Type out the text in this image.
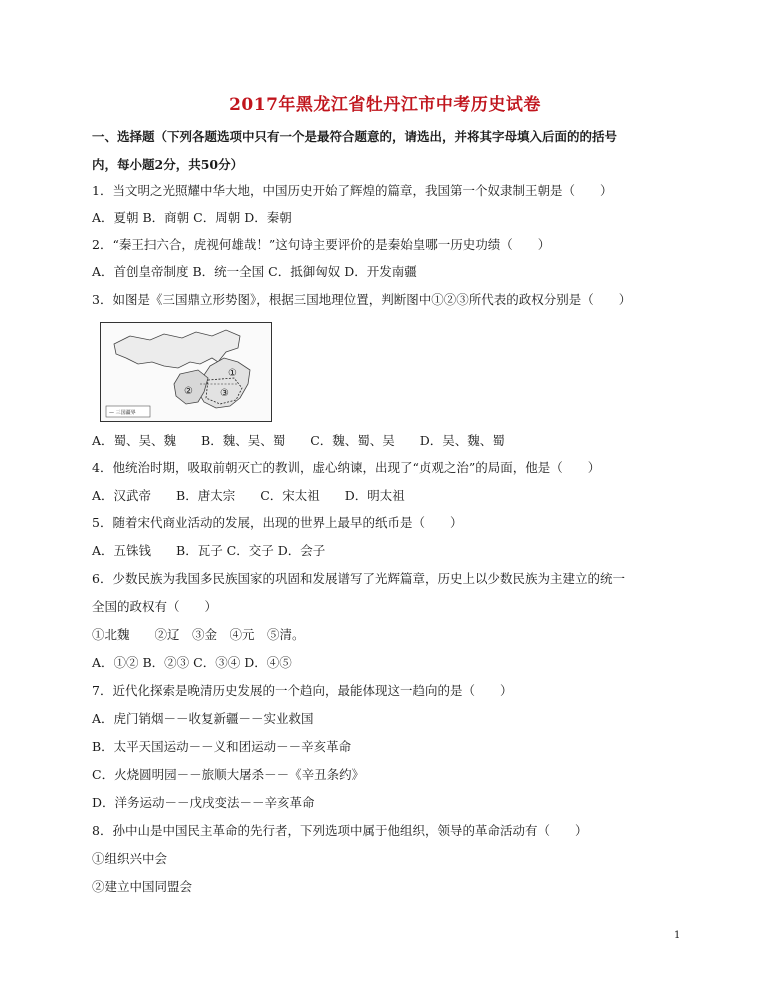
2017年黑龙江省牡丹江市中考历史试卷
一、选择题（下列各题选项中只有一个是最符合题意的，请选出，并将其字母填入后面的的括号
内，每小题2分，共50分）
1．当文明之光照耀中华大地，中国历史开始了辉煌的篇章，我国第一个奴隶制王朝是（　　）
A．夏朝 B．商朝 C．周朝 D．秦朝
2．“秦王扫六合，虎视何雄哉！”这句诗主要评价的是秦始皇哪一历史功绩（　　）
A．首创皇帝制度 B．统一全国 C．抵御匈奴 D．开发南疆
3．如图是《三国鼎立形势图》，根据三国地理位置，判断图中①②③所代表的政权分别是（　　）
①
②	③
— 三国疆界
A．蜀、吴、魏　　B．魏、吴、蜀　　C．魏、蜀、吴　　D．吴、魏、蜀
4．他统治时期，吸取前朝灭亡的教训，虚心纳谏，出现了“贞观之治”的局面，他是（　　）
A．汉武帝　　B．唐太宗　　C．宋太祖　　D．明太祖
5．随着宋代商业活动的发展，出现的世界上最早的纸币是（　　）
A．五铢钱　　B．瓦子 C．交子 D．会子
6．少数民族为我国多民族国家的巩固和发展谱写了光辉篇章，历史上以少数民族为主建立的统一
全国的政权有（　　）
①北魏　　②辽　③金　④元　⑤清。
A．①② B．②③ C．③④ D．④⑤
7．近代化探索是晚清历史发展的一个趋向，最能体现这一趋向的是（　　）
A．虎门销烟－－收复新疆－－实业救国
B．太平天国运动－－义和团运动－－辛亥革命
C．火烧圆明园－－旅顺大屠杀－－《辛丑条约》
D．洋务运动－－戊戌变法－－辛亥革命
8．孙中山是中国民主革命的先行者，下列选项中属于他组织，领导的革命活动有（　　）
①组织兴中会
②建立中国同盟会
1
